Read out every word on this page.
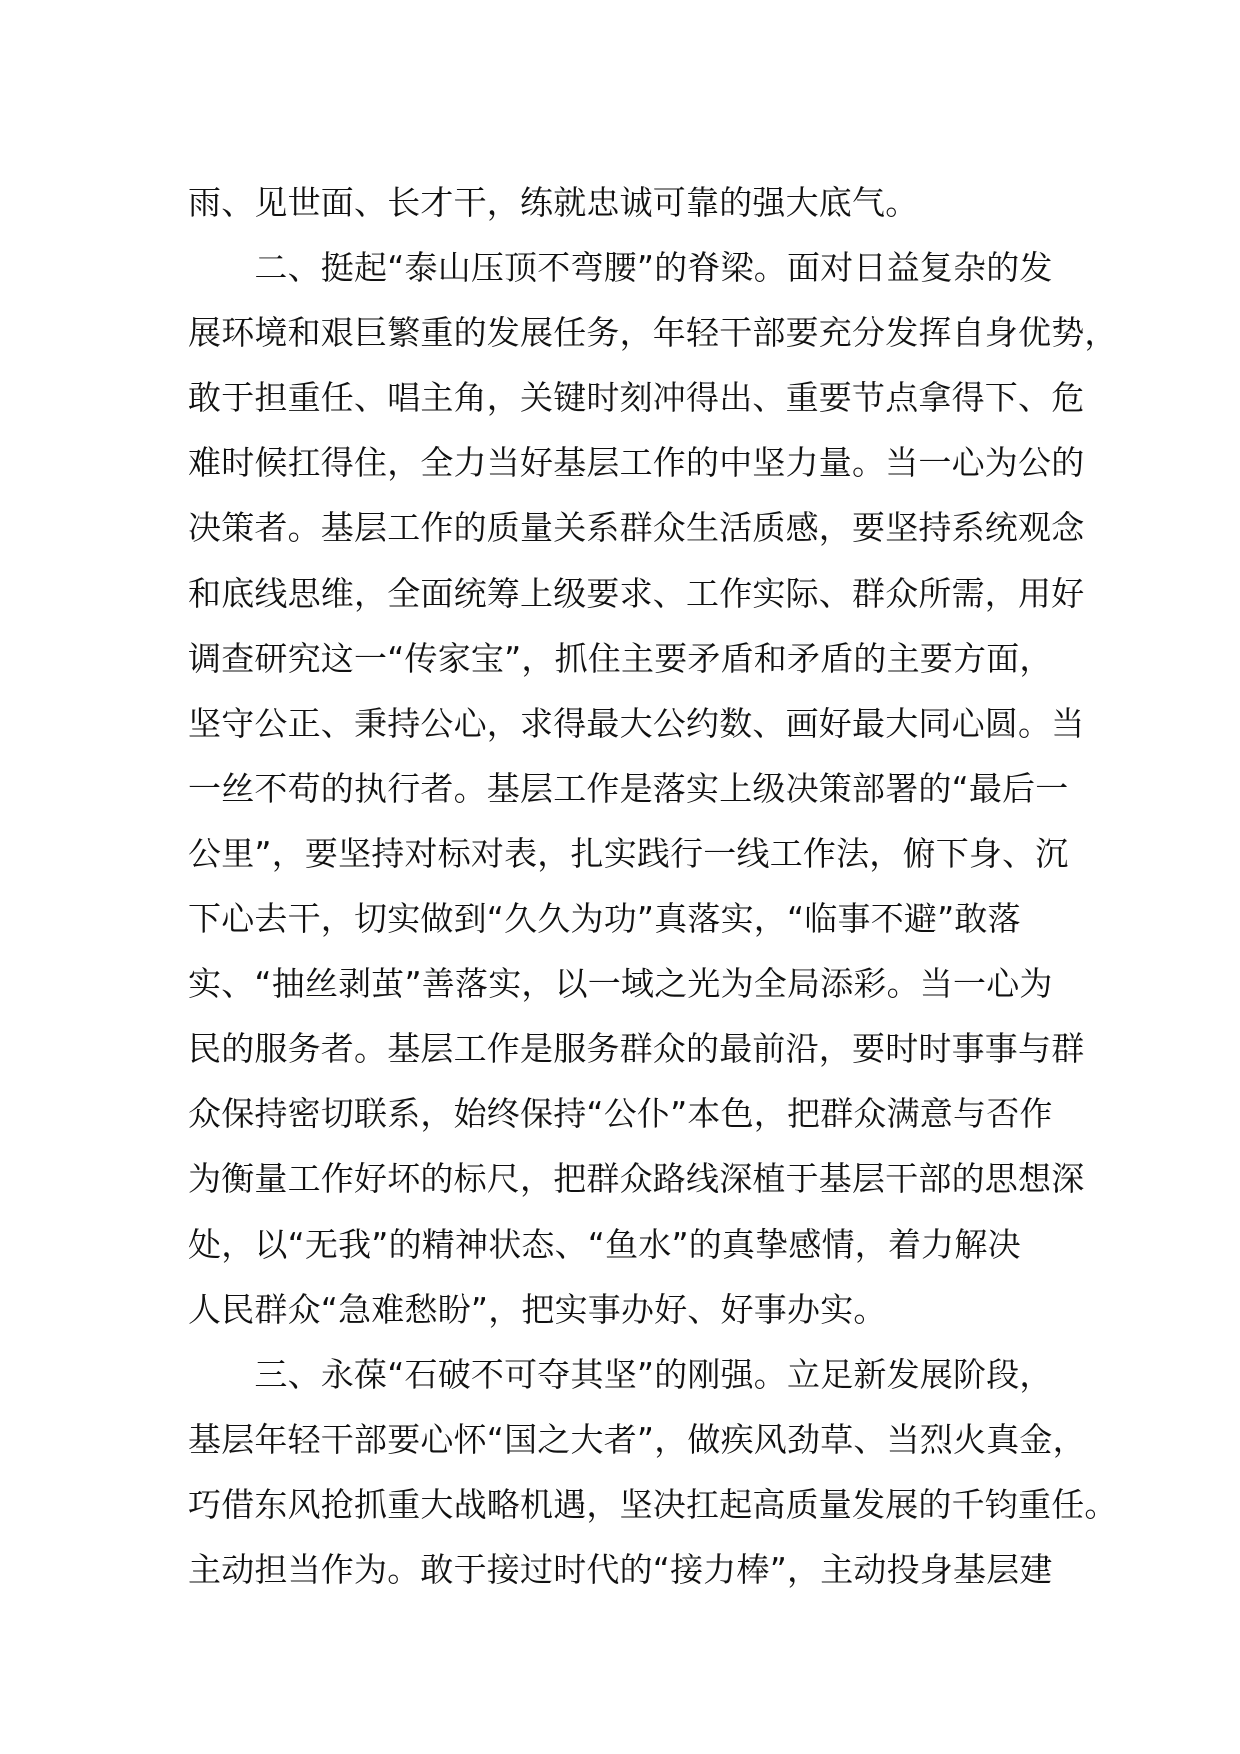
雨、见世面、长才干，练就忠诚可靠的强大底气。
　　二、挺起“泰山压顶不弯腰”的脊梁。面对日益复杂的发
展环境和艰巨繁重的发展任务，年轻干部要充分发挥自身优势，
敢于担重任、唱主角，关键时刻冲得出、重要节点拿得下、危
难时候扛得住，全力当好基层工作的中坚力量。当一心为公的
决策者。基层工作的质量关系群众生活质感，要坚持系统观念
和底线思维，全面统筹上级要求、工作实际、群众所需，用好
调查研究这一“传家宝”，抓住主要矛盾和矛盾的主要方面，
坚守公正、秉持公心，求得最大公约数、画好最大同心圆。当
一丝不苟的执行者。基层工作是落实上级决策部署的“最后一
公里”，要坚持对标对表，扎实践行一线工作法，俯下身、沉
下心去干，切实做到“久久为功”真落实，“临事不避”敢落
实、“抽丝剥茧”善落实，以一域之光为全局添彩。当一心为
民的服务者。基层工作是服务群众的最前沿，要时时事事与群
众保持密切联系，始终保持“公仆”本色，把群众满意与否作
为衡量工作好坏的标尺，把群众路线深植于基层干部的思想深
处，以“无我”的精神状态、“鱼水”的真挚感情，着力解决
人民群众“急难愁盼”，把实事办好、好事办实。
　　三、永葆“石破不可夺其坚”的刚强。立足新发展阶段，
基层年轻干部要心怀“国之大者”，做疾风劲草、当烈火真金，
巧借东风抢抓重大战略机遇，坚决扛起高质量发展的千钧重任。
主动担当作为。敢于接过时代的“接力棒”，主动投身基层建
